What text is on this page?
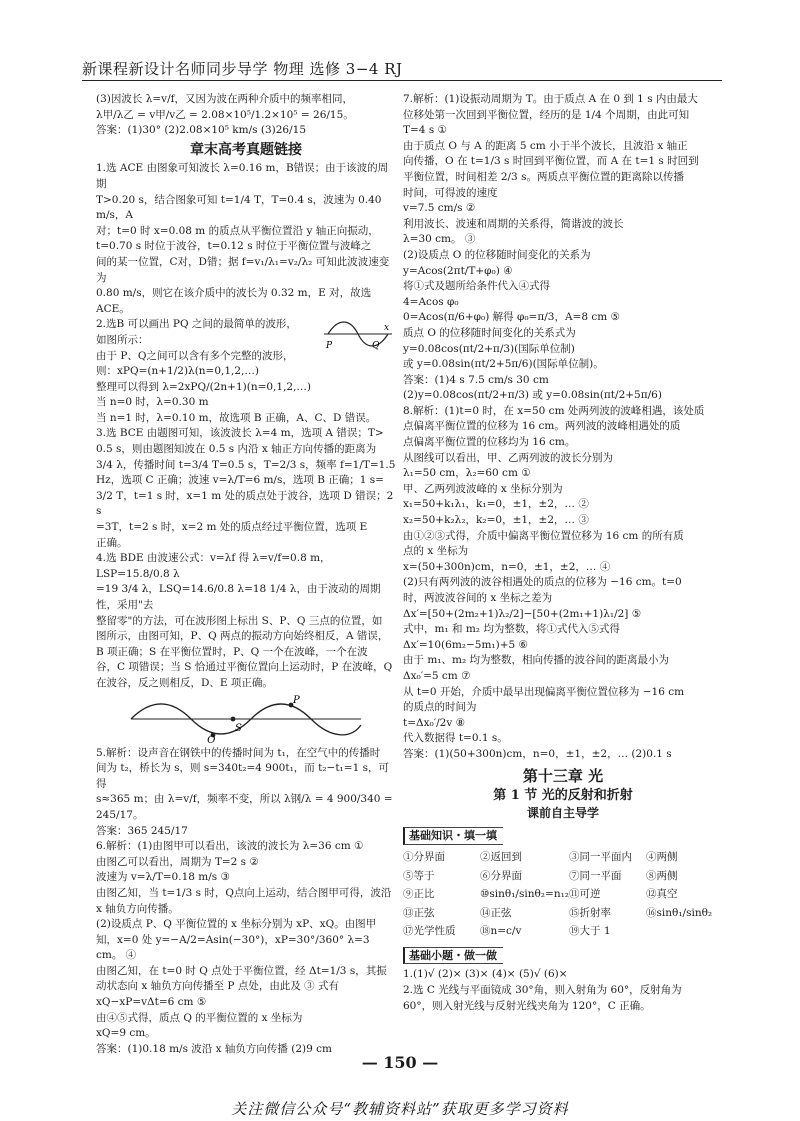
新课程新设计名师同步导学 物理 选修 3−4 RJ

(3)因波长 λ=v/f，又因为波在两种介质中的频率相同，

λ甲/λ乙 = v甲/v乙 = 2.08×10⁵/1.2×10⁵ = 26/15。

答案：(1)30° (2)2.08×10⁵ km/s (3)26/15

章末高考真题链接

1.选 ACE 由图象可知波长 λ=0.16 m，B错误；由于该波的周期

T>0.20 s，结合图象可知 t=1/4 T，T=0.4 s，波速为 0.40 m/s，A

对；t=0 时 x=0.08 m 的质点从平衡位置沿 y 轴正向振动，

t=0.70 s 时位于波谷，t=0.12 s 时位于平衡位置与波峰之

间的某一位置，C对，D错；据 f=v₁/λ₁=v₂/λ₂ 可知此波波速变为

0.80 m/s，则它在该介质中的波长为 0.32 m，E 对，故选

ACE。

2.选B 可以画出 PQ 之间的最简单的波形，

如图所示：

由于 P、Q之间可以含有多个完整的波形，

则：xPQ=(n+1/2)λ(n=0,1,2,…)

整理可以得到 λ=2xPQ/(2n+1)(n=0,1,2,…)

当 n=0 时，λ=0.30 m

当 n=1 时，λ=0.10 m，故选项 B 正确，A、C、D 错误。

3.选 BCE 由题图可知，该波波长 λ=4 m，选项 A 错误；T>

0.5 s，则由题图知波在 0.5 s 内沿 x 轴正方向传播的距离为

3/4 λ，传播时间 t=3/4 T=0.5 s，T=2/3 s，频率 f=1/T=1.5

Hz，选项 C 正确；波速 v=λ/T=6 m/s，选项 B 正确；1 s=

3/2 T，t=1 s 时，x=1 m 处的质点处于波谷，选项 D 错误；2 s

=3T，t=2 s 时，x=2 m 处的质点经过平衡位置，选项 E

正确。

4.选 BDE 由波速公式：v=λf 得 λ=v/f=0.8 m，LSP=15.8/0.8 λ

=19 3/4 λ，LSQ=14.6/0.8 λ=18 1/4 λ，由于波动的周期性，采用"去

整留零"的方法，可在波形图上标出 S、P、Q 三点的位置，如

图所示，由图可知，P、Q 两点的振动方向始终相反，A 错误，

B 项正确；S 在平衡位置时，P、Q 一个在波峰，一个在波

谷，C 项错误；当 S 恰通过平衡位置向上运动时，P 在波峰，Q

在波谷，反之则相反，D、E 项正确。

S
P
Q

5.解析：设声音在钢铁中的传播时间为 t₁，在空气中的传播时

间为 t₂，桥长为 s，则 s=340t₂=4 900t₁，而 t₂−t₁=1 s，可得

s≈365 m；由 λ=v/f，频率不变，所以 λ钢/λ = 4 900/340 = 245/17。

答案：365 245/17

6.解析：(1)由图甲可以看出，该波的波长为 λ=36 cm ①

由图乙可以看出，周期为 T=2 s ②

波速为 v=λ/T=0.18 m/s ③

由图乙知，当 t=1/3 s 时，Q点向上运动，结合图甲可得，波沿

x 轴负方向传播。

(2)设质点 P、Q 平衡位置的 x 坐标分别为 xP、xQ。由图甲

知，x=0 处 y=−A/2=Asin(−30°)，xP=30°/360° λ=3 cm。 ④

由图乙知，在 t=0 时 Q 点处于平衡位置，经 Δt=1/3 s，其振

动状态向 x 轴负方向传播至 P 点处，由此及 ③ 式有

xQ−xP=vΔt=6 cm ⑤

由④⑤式得，质点 Q 的平衡位置的 x 坐标为

xQ=9 cm。

答案：(1)0.18 m/s 波沿 x 轴负方向传播 (2)9 cm

P	Q
x

7.解析：(1)设振动周期为 T。由于质点 A 在 0 到 1 s 内由最大

位移处第一次回到平衡位置，经历的是 1/4 个周期，由此可知

T=4 s ①

由于质点 O 与 A 的距离 5 cm 小于半个波长，且波沿 x 轴正

向传播，O 在 t=1/3 s 时回到平衡位置，而 A 在 t=1 s 时回到

平衡位置，时间相差 2/3 s。两质点平衡位置的距离除以传播

时间，可得波的速度

v=7.5 cm/s ②

利用波长、波速和周期的关系得，简谐波的波长

λ=30 cm。 ③

(2)设质点 O 的位移随时间变化的关系为

y=Acos(2πt/T+φ₀) ④

将①式及题所给条件代入④式得

4=Acos φ₀

0=Acos(π/6+φ₀) 解得 φ₀=π/3，A=8 cm ⑤

质点 O 的位移随时间变化的关系式为

y=0.08cos(πt/2+π/3)(国际单位制)

或 y=0.08sin(πt/2+5π/6)(国际单位制)。

答案：(1)4 s 7.5 cm/s 30 cm

(2)y=0.08cos(πt/2+π/3) 或 y=0.08sin(πt/2+5π/6)

8.解析：(1)t=0 时，在 x=50 cm 处两列波的波峰相遇，该处质

点偏离平衡位置的位移为 16 cm。两列波的波峰相遇处的质

点偏离平衡位置的位移均为 16 cm。

从图线可以看出，甲、乙两列波的波长分别为

λ₁=50 cm，λ₂=60 cm ①

甲、乙两列波波峰的 x 坐标分别为

x₁=50+k₁λ₁，k₁=0，±1，±2，… ②

x₂=50+k₂λ₂，k₂=0，±1，±2，… ③

由①②③式得，介质中偏离平衡位置位移为 16 cm 的所有质

点的 x 坐标为

x=(50+300n)cm，n=0，±1，±2，… ④

(2)只有两列波的波谷相遇处的质点的位移为 −16 cm。t=0

时，两波波谷间的 x 坐标之差为

Δx′=[50+(2m₂+1)λ₂/2]−[50+(2m₁+1)λ₁/2] ⑤

式中，m₁ 和 m₂ 均为整数，将①式代入⑤式得

Δx′=10(6m₂−5m₁)+5 ⑥

由于 m₁、m₂ 均为整数，相向传播的波谷间的距离最小为

Δx₀′=5 cm ⑦

从 t=0 开始，介质中最早出现偏离平衡位置位移为 −16 cm

的质点的时间为

t=Δx₀′/2v ⑧

代入数据得 t=0.1 s。

答案：(1)(50+300n)cm，n=0，±1，±2，… (2)0.1 s

第十三章 光
第 1 节 光的反射和折射
课前自主导学
基础知识・填一填
①分界面	②返回到	③同一平面内	④两侧
⑤等于	⑥分界面	⑦同一平面	⑧两侧
⑨正比	⑩sinθ₁/sinθ₂=n₁₂ ⑪可逆	⑫真空
⑬正弦	⑭正弦	⑮折射率	⑯sinθ₁/sinθ₂
⑰光学性质	⑱n=c/v	⑲大于 1
基础小题・做一做

1.(1)√ (2)× (3)× (4)× (5)√ (6)×

2.选 C 光线与平面镜成 30°角，则入射角为 60°，反射角为

60°，则入射光线与反射光线夹角为 120°，C 正确。

— 150 —
关注微信公众号“教辅资料站”获取更多学习资料
